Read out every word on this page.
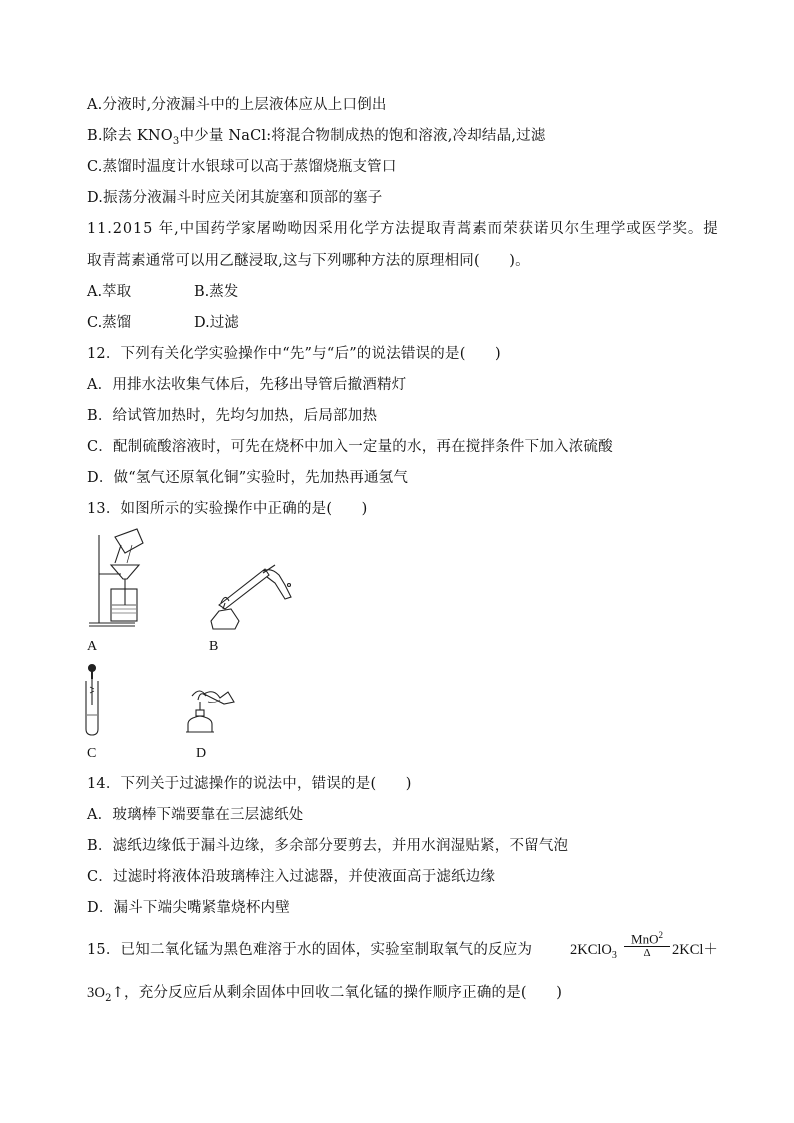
A.分液时,分液漏斗中的上层液体应从上口倒出
B.除去 $KNO_3$中少量 NaCl:将混合物制成热的饱和溶液,冷却结晶,过滤
C.蒸馏时温度计水银球可以高于蒸馏烧瓶支管口
D.振荡分液漏斗时应关闭其旋塞和顶部的塞子
11.2015 年,中国药学家屠呦呦因采用化学方法提取青蒿素而荣获诺贝尔生理学或医学奖。提
取青蒿素通常可以用乙醚浸取,这与下列哪种方法的原理相同(　　)。
A.萃取	B.蒸发
C.蒸馏	D.过滤
12．下列有关化学实验操作中“先”与“后”的说法错误的是(　　)
A．用排水法收集气体后，先移出导管后撤酒精灯
B．给试管加热时，先均匀加热，后局部加热
C．配制硫酸溶液时，可先在烧杯中加入一定量的水，再在搅拌条件下加入浓硫酸
D．做“氢气还原氧化铜”实验时，先加热再通氢气
13．如图所示的实验操作中正确的是(　　)
A	B
C	D
14．下列关于过滤操作的说法中，错误的是(　　)
A．玻璃棒下端要靠在三层滤纸处
B．滤纸边缘低于漏斗边缘，多余部分要剪去，并用水润湿贴紧，不留气泡
C．过滤时将液体沿玻璃棒注入过滤器，并使液面高于滤纸边缘
D．漏斗下端尖嘴紧靠烧杯内壁
15．已知二氧化锰为黑色难溶于水的固体，实验室制取氧气的反应为	2KClO$_3$
MnO$^2$
Δ	2KCl＋
$3O_2↑$，充分反应后从剩余固体中回收二氧化锰的操作顺序正确的是(　　)
